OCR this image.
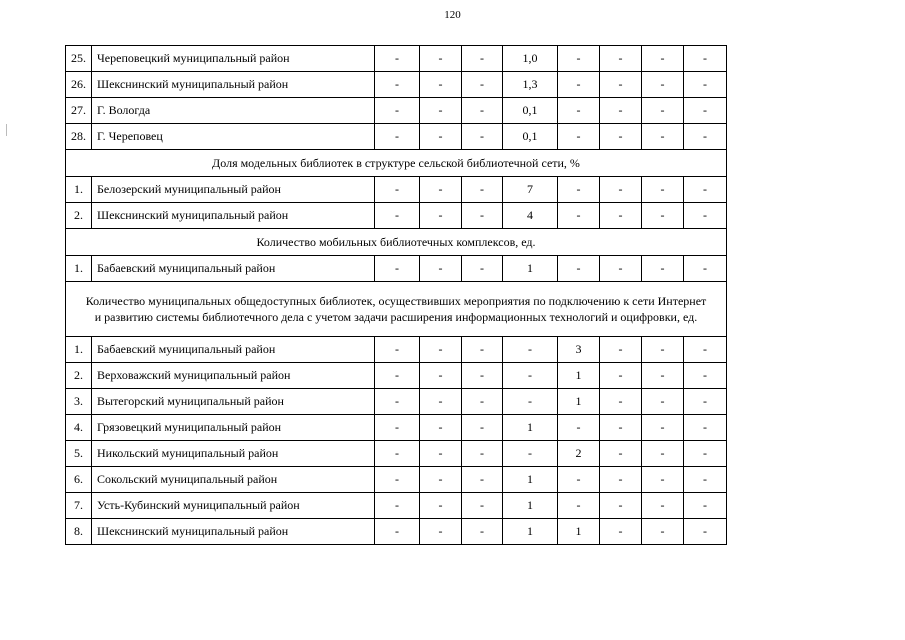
120
25.	Череповецкий муниципальный район	-	-	-	1,0	-	-	-	-
26.	Шекснинский муниципальный район	-	-	-	1,3	-	-	-	-
27.	Г. Вологда	-	-	-	0,1	-	-	-	-
28.	Г. Череповец	-	-	-	0,1	-	-	-	-
Доля модельных библиотек в структуре сельской библиотечной сети, %									
1.	Белозерский муниципальный район	-	-	-	7	-	-	-	-
2.	Шекснинский муниципальный район	-	-	-	4	-	-	-	-
Количество мобильных библиотечных комплексов, ед.									
1.	Бабаевский муниципальный район	-	-	-	1	-	-	-	-
Количество муниципальных общедоступных библиотек, осуществивших мероприятия по подключению к сети Интернет и развитию системы библиотечного дела с учетом задачи расширения информационных технологий и оцифровки, ед.									
1.	Бабаевский муниципальный район	-	-	-	-	3	-	-	-
2.	Верховажский муниципальный район	-	-	-	-	1	-	-	-
3.	Вытегорский муниципальный район	-	-	-	-	1	-	-	-
4.	Грязовецкий муниципальный район	-	-	-	1	-	-	-	-
5.	Никольский муниципальный район	-	-	-	-	2	-	-	-
6.	Сокольский муниципальный район	-	-	-	1	-	-	-	-
7.	Усть-Кубинский муниципальный район	-	-	-	1	-	-	-	-
8.	Шекснинский муниципальный район	-	-	-	1	1	-	-	-
